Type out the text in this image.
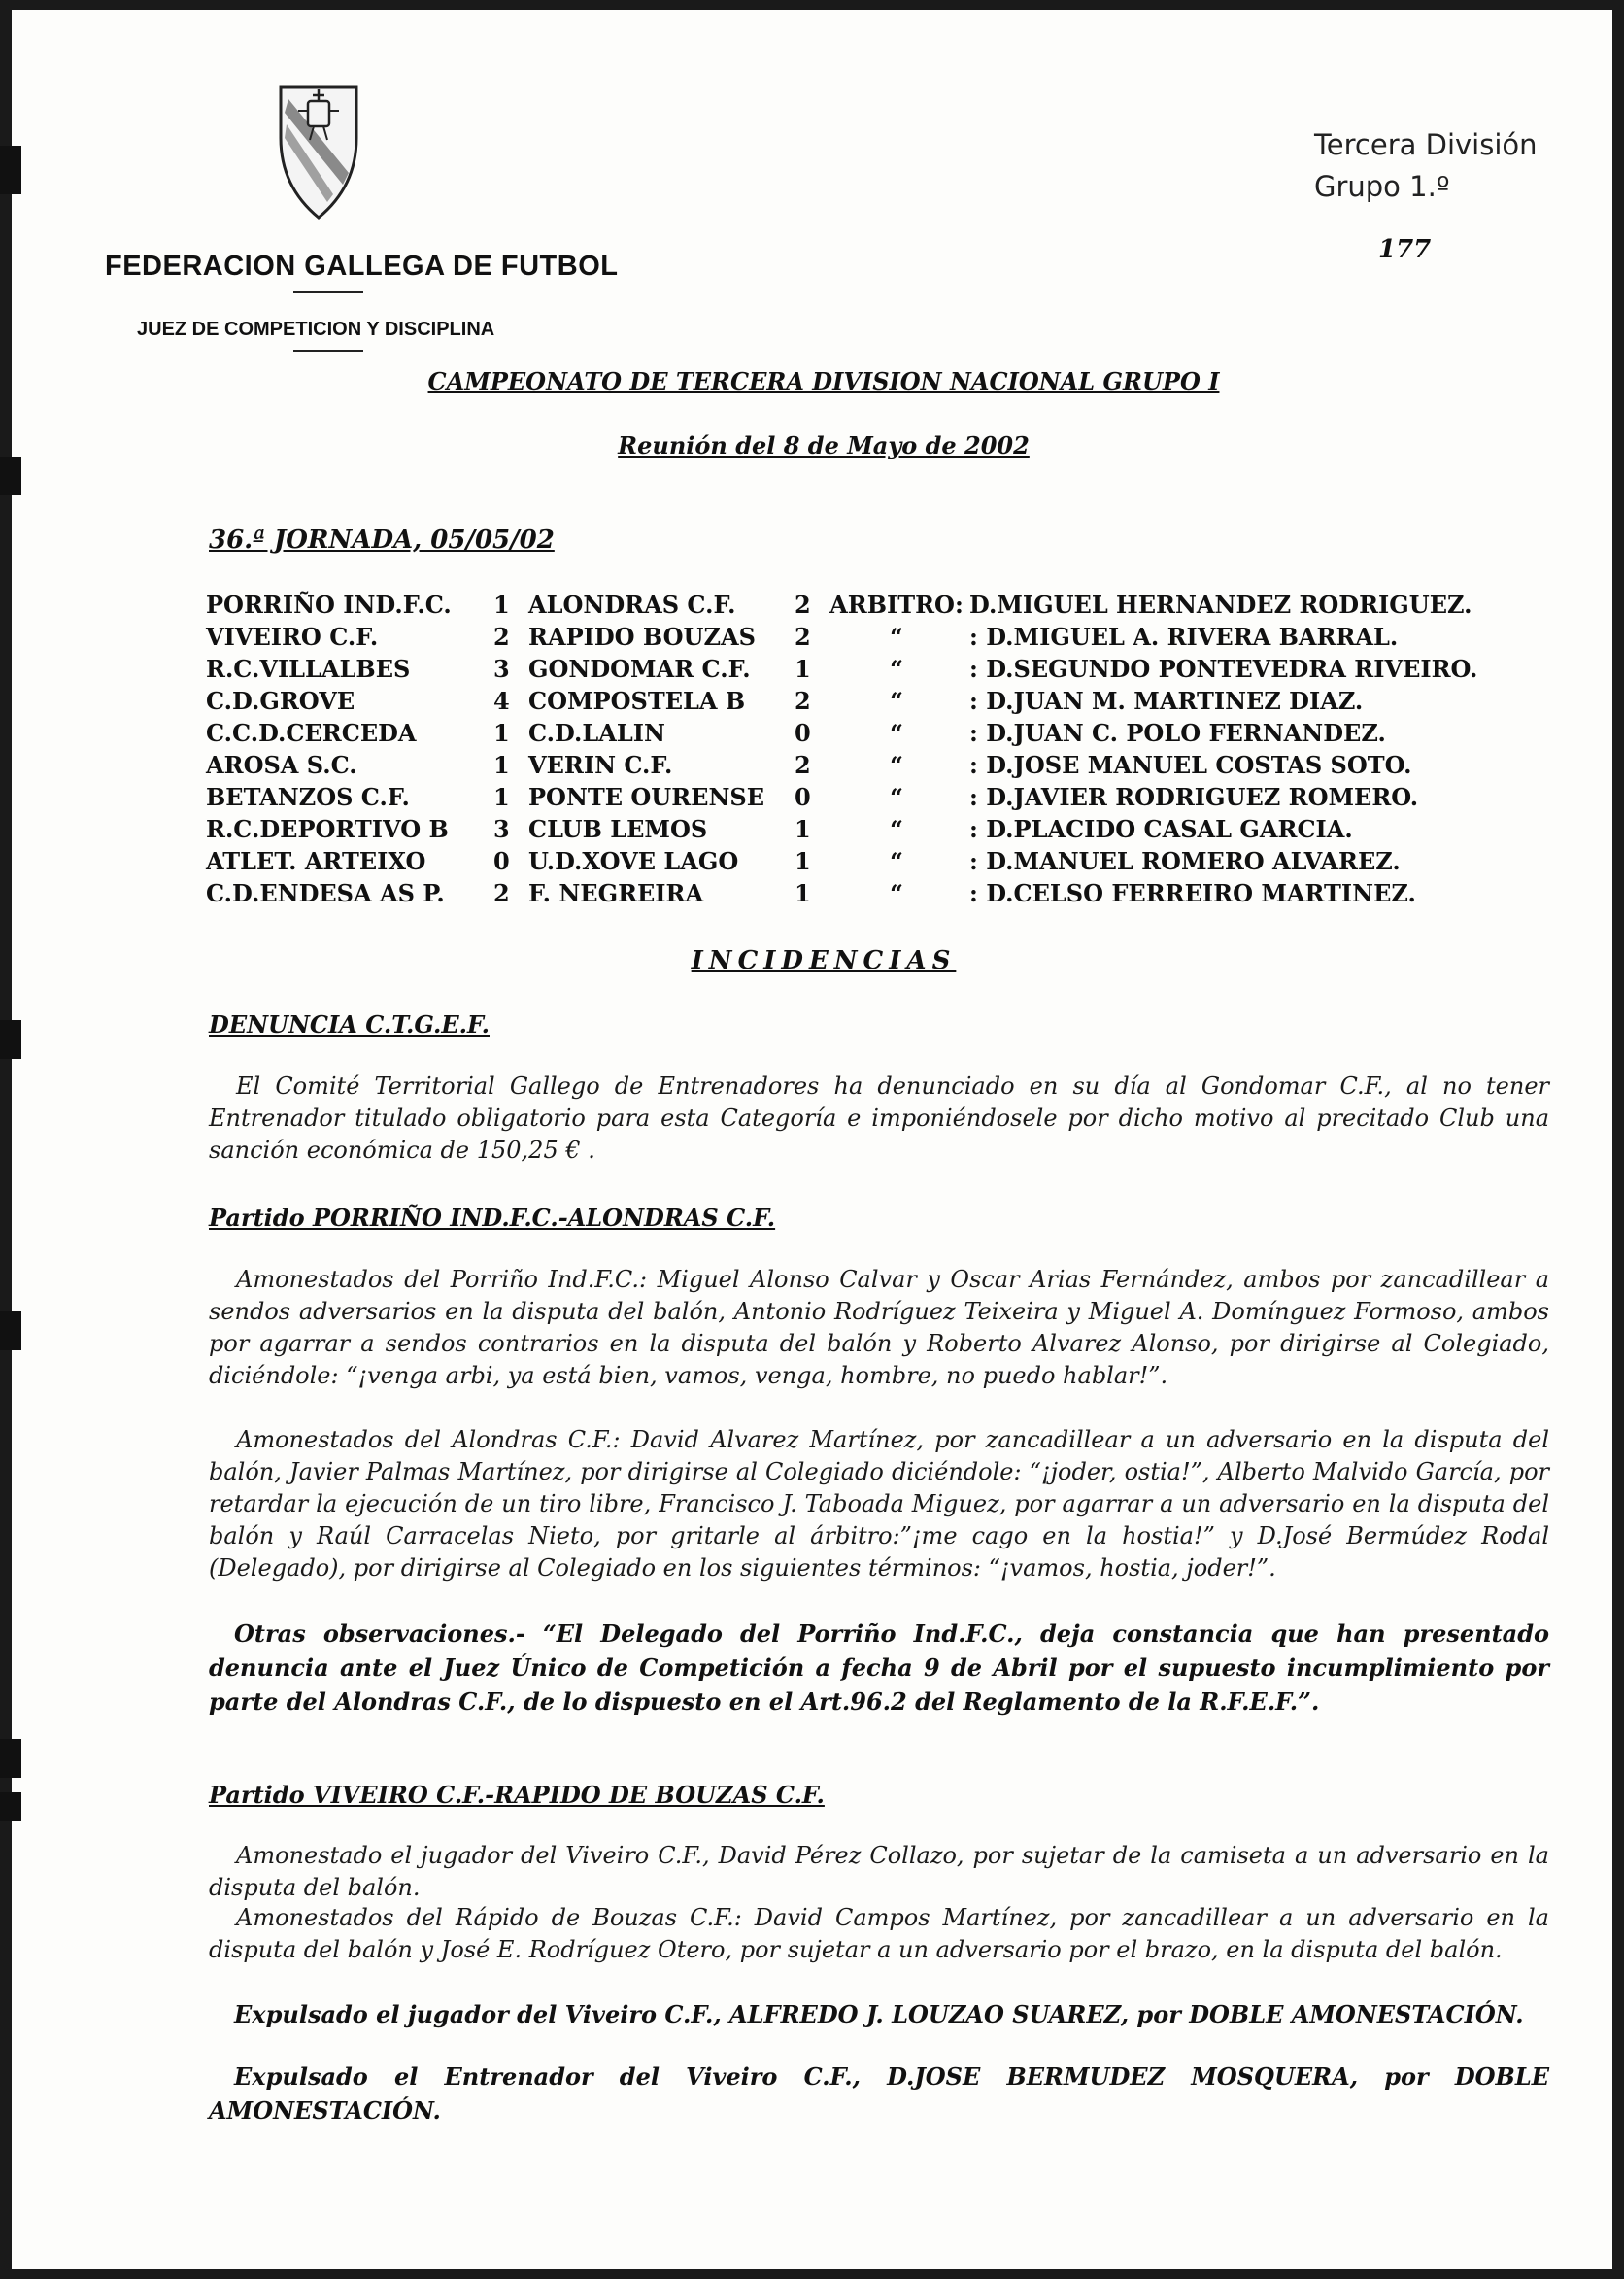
FEDERACION GALLEGA DE FUTBOL
JUEZ DE COMPETICION Y DISCIPLINA
Tercera División
Grupo 1.º
177
CAMPEONATO DE TERCERA DIVISION NACIONAL GRUPO I
Reunión del 8 de Mayo de 2002
36.ª JORNADA, 05/05/02
PORRIÑO IND.F.C.	1	ALONDRAS C.F.	2	ARBITRO:	D.MIGUEL HERNANDEZ RODRIGUEZ.
VIVEIRO C.F.	2	RAPIDO BOUZAS	2	“	: D.MIGUEL A. RIVERA BARRAL.
R.C.VILLALBES	3	GONDOMAR C.F.	1	“	: D.SEGUNDO PONTEVEDRA RIVEIRO.
C.D.GROVE	4	COMPOSTELA B	2	“	: D.JUAN M. MARTINEZ DIAZ.
C.C.D.CERCEDA	1	C.D.LALIN	0	“	: D.JUAN C. POLO FERNANDEZ.
AROSA S.C.	1	VERIN C.F.	2	“	: D.JOSE MANUEL COSTAS SOTO.
BETANZOS C.F.	1	PONTE OURENSE	0	“	: D.JAVIER RODRIGUEZ ROMERO.
R.C.DEPORTIVO B	3	CLUB LEMOS	1	“	: D.PLACIDO CASAL GARCIA.
ATLET. ARTEIXO	0	U.D.XOVE LAGO	1	“	: D.MANUEL ROMERO ALVAREZ.
C.D.ENDESA AS P.	2	F. NEGREIRA	1	“	: D.CELSO FERREIRO MARTINEZ.
INCIDENCIAS
DENUNCIA C.T.G.E.F.
El Comité Territorial Gallego de Entrenadores ha denunciado en su día al Gondomar C.F., al no tener Entrenador titulado obligatorio para esta Categoría e imponiéndosele por dicho motivo al precitado Club una sanción económica de 150,25 € .
Partido PORRIÑO IND.F.C.-ALONDRAS C.F.
Amonestados del Porriño Ind.F.C.: Miguel Alonso Calvar y Oscar Arias Fernández, ambos por zancadillear a sendos adversarios en la disputa del balón, Antonio Rodríguez Teixeira y Miguel A. Domínguez Formoso, ambos por agarrar a sendos contrarios en la disputa del balón y Roberto Alvarez Alonso, por dirigirse al Colegiado, diciéndole: “¡venga arbi, ya está bien, vamos, venga, hombre, no puedo hablar!”.
Amonestados del Alondras C.F.: David Alvarez Martínez, por zancadillear a un adversario en la disputa del balón, Javier Palmas Martínez, por dirigirse al Colegiado diciéndole: “¡joder, ostia!”, Alberto Malvido García, por retardar la ejecución de un tiro libre, Francisco J. Taboada Miguez, por agarrar a un adversario en la disputa del balón y Raúl Carracelas Nieto, por gritarle al árbitro:”¡me cago en la hostia!” y D.José Bermúdez Rodal (Delegado), por dirigirse al Colegiado en los siguientes términos: “¡vamos, hostia, joder!”.
Otras observaciones.- “El Delegado del Porriño Ind.F.C., deja constancia que han presentado denuncia ante el Juez Único de Competición a fecha 9 de Abril por el supuesto incumplimiento por parte del Alondras C.F., de lo dispuesto en el Art.96.2 del Reglamento de la R.F.E.F.”.
Partido VIVEIRO C.F.-RAPIDO DE BOUZAS C.F.
Amonestado el jugador del Viveiro C.F., David Pérez Collazo, por sujetar de la camiseta a un adversario en la disputa del balón.
Amonestados del Rápido de Bouzas C.F.: David Campos Martínez, por zancadillear a un adversario en la disputa del balón y José E. Rodríguez Otero, por sujetar a un adversario por el brazo, en la disputa del balón.
Expulsado el jugador del Viveiro C.F., ALFREDO J. LOUZAO SUAREZ, por DOBLE AMONESTACIÓN.
Expulsado el Entrenador del Viveiro C.F., D.JOSE BERMUDEZ MOSQUERA, por DOBLE AMONESTACIÓN.
